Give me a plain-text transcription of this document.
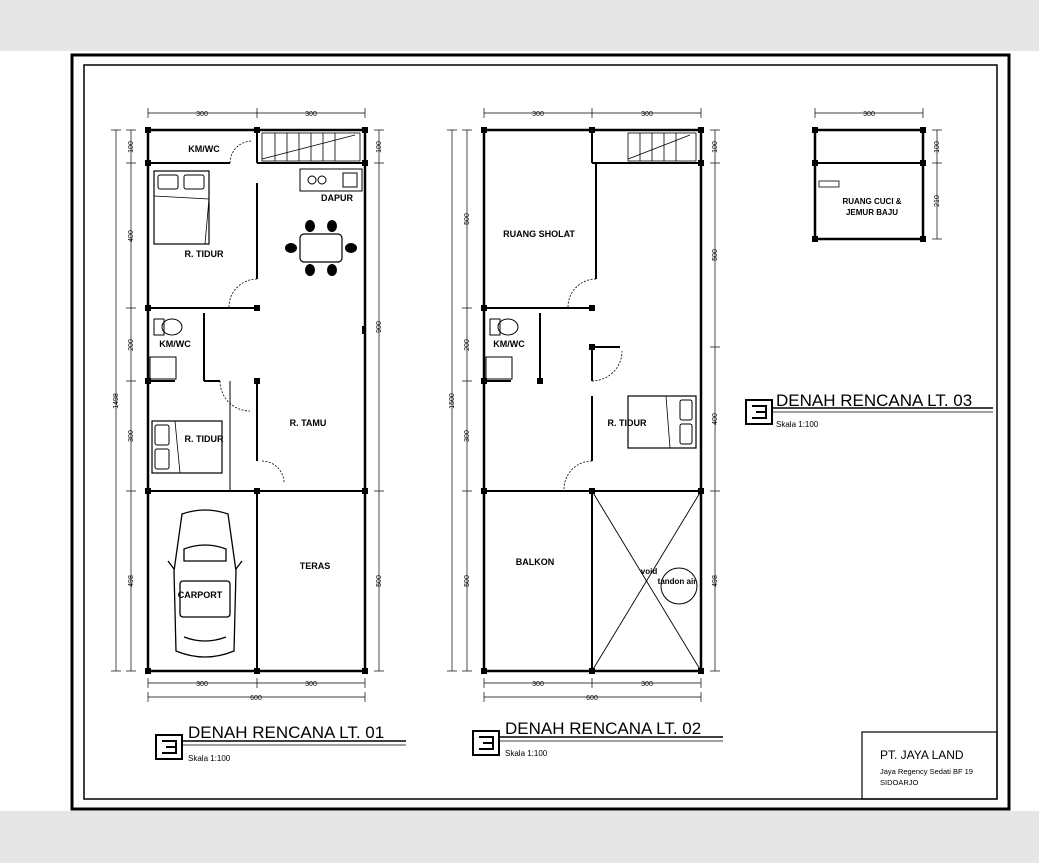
KM/WC
DAPUR
R. TIDUR
KM/WC
R. TAMU
R. TIDUR
CARPORT
TERAS
300	300
300	300
600
1498
100
400
200
300
498
100
900
500
RUANG SHOLAT
KM/WC
R. TIDUR
BALKON
void
tandon air
300	300
300	300
600
1500
500
200
300
500
100
500
400
498
RUANG CUCI &
JEMUR BAJU
300
100
210
DENAH RENCANA LT. 01
Skala 1:100
DENAH RENCANA LT. 02
Skala 1:100
DENAH RENCANA LT. 03
Skala 1:100
PT. JAYA LAND
Jaya Regency Sedati BF 19
SIDOARJO
